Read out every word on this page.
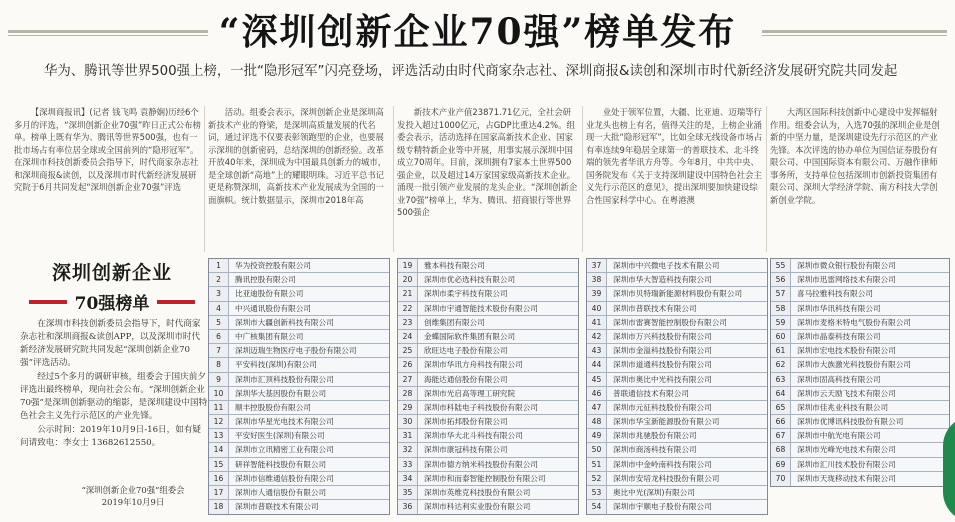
“深圳创新企业70强”榜单发布
华为、腾讯等世界500强上榜，一批“隐形冠军”闪亮登场，评选活动由时代商家杂志社、深圳商报&读创和深圳市时代新经济发展研究院共同发起

【深圳商报讯】(记者 钱飞鸣 袁静娴)历经6个多月的评选，“深圳创新企业70强”昨日正式公布榜单。榜单上既有华为、腾讯等世界500强，也有一批市场占有率位居全球或全国前列的“隐形冠军”。在深圳市科技创新委员会指导下，时代商家杂志社和深圳商报&读创，以及深圳市时代新经济发展研究院于6月共同发起“深圳创新企业70强”评选

活动。组委会表示，深圳创新企业是深圳高新技术产业的脊梁，是深圳高质量发展的代名词，通过评选不仅要表彰领跑型的企业，也要展示深圳的创新密码，总结深圳的创新经验。改革开放40年来，深圳成为中国最具创新力的城市，是全球创新“高地”上的耀眼明珠。习近平总书记更是称赞深圳，高新技术产业发展成为全国的一面旗帜。统计数据显示，深圳市2018年高

新技术产业产值23871.71亿元，全社会研发投入超过1000亿元，占GDP比重达4.2%。组委会表示，活动选择在国家高新技术企业、国家级专精特新企业等中开展，用事实展示深圳中国成立70周年。目前，深圳拥有7家本土世界500强企业，以及超过14万家国家级高新技术企业。涌现一批引领产业发展的龙头企业。“深圳创新企业70强”榜单上，华为、腾讯、招商银行等世界500强企

业处于领军位置，大疆、比亚迪、迈瑞等行业龙头也榜上有名，值得关注的是，上榜企业涌现一大批“隐形冠军”，比如全球无线设备市场占有率连续9年稳居全球第一的普联技术、北斗终端的领先者华讯方舟等。今年8月，中共中央、国务院发布《关于支持深圳建设中国特色社会主义先行示范区的意见》，提出深圳要加快建设综合性国家科学中心。在粤港澳

大湾区国际科技创新中心建设中发挥辐射作用。组委会认为，入选70强的深圳企业是创新的中坚力量，是深圳建设先行示范区的产业先锋。本次评选的协办单位为国信证券股份有限公司、中国国际资本有限公司、万融作律师事务所，支持单位包括深圳市创新投资集团有限公司、深圳大学经济学院、南方科技大学创新创业学院。

深圳创新企业
70强榜单

在深圳市科技创新委员会指导下，时代商家杂志社和深圳商报&读创APP，以及深圳市时代新经济发展研究院共同发起“深圳创新企业70强”评选活动。

经过5个多月的调研审核，组委会于国庆前夕评选出最终榜单，现向社会公布。“深圳创新企业70强”是深圳创新驱动的缩影，是深圳建设中国特色社会主义先行示范区的产业先锋。

公示时间：2019年10月9日-16日，如有疑问请致电：李女士 13682612550。

“深圳创新企业70强”组委会
2019年10月9日
1	华为投资控股有限公司
2	腾讯控股有限公司
3	比亚迪股份有限公司
4	中兴通讯股份有限公司
5	深圳市大疆创新科技有限公司
6	中广核集团有限公司
7	深圳迈瑞生物医疗电子股份有限公司
8	平安科技(深圳)有限公司
9	深圳市汇顶科技股份有限公司
10	深圳华大基因股份有限公司
11	顺丰控股股份有限公司
12	深圳市华星光电技术有限公司
13	平安好医生(深圳)有限公司
14	深圳市立讯精密工业有限公司
15	研祥智能科技股份有限公司
16	深圳市信维通信股份有限公司
17	深圳市人通信股份有限公司
18	深圳市普联技术有限公司
19	雅本科技有限公司
20	深圳市优必选科技有限公司
21	深圳市柔宇科技有限公司
22	深圳市宇通智能技术股份有限公司
23	创维集团有限公司
24	金蝶国际软件集团有限公司
25	欣旺达电子股份有限公司
26	深圳市华讯方舟科技有限公司
27	海能达通信股份有限公司
28	深圳市光启高等理工研究院
29	深圳市科陆电子科技股份有限公司
30	深圳市拓邦股份有限公司
31	深圳市华大北斗科技有限公司
32	深圳市康冠科技有限公司
33	深圳市德方纳米科技股份有限公司
34	深圳市和而泰智能控制股份有限公司
35	深圳市英维克科技股份有限公司
36	深圳市科达利实业股份有限公司
37	深圳市中兴微电子技术有限公司
38	深圳市华大智造科技有限公司
39	深圳市贝特瑞新能源材料股份有限公司
40	深圳市普联技术有限公司
41	深圳市雷赛智能控制股份有限公司
42	深圳市万兴科技股份有限公司
43	深圳市金溢科技股份有限公司
44	深圳市道通科技股份有限公司
45	深圳市奥比中光科技有限公司
46	普联通信技术有限公司
47	深圳市元征科技股份有限公司
48	深圳市华宝新能源股份有限公司
49	深圳市兆驰股份有限公司
50	深圳市商汤科技有限公司
51	深圳市中金岭南科技有限公司
52	深圳市安培龙科技股份有限公司
53	奥比中光(深圳)有限公司
54	深圳市宇顺电子股份有限公司
55	深圳市微众银行股份有限公司
56	深圳市迅雷网络技术有限公司
57	喜马拉雅科技有限公司
58	深圳市华讯科技有限公司
59	深圳市麦格米特电气股份有限公司
60	深圳市晶泰科技有限公司
61	深圳市宏电技术股份有限公司
62	深圳市大族激光科技股份有限公司
63	深圳市固高科技有限公司
64	深圳市云天励飞技术有限公司
65	深圳市佳兆业科技有限公司
66	深圳市优博讯科技股份有限公司
67	深圳市中航光电有限公司
68	深圳市光峰光电技术有限公司
69	深圳市汇川技术股份有限公司
70	深圳市天珑移动技术有限公司
